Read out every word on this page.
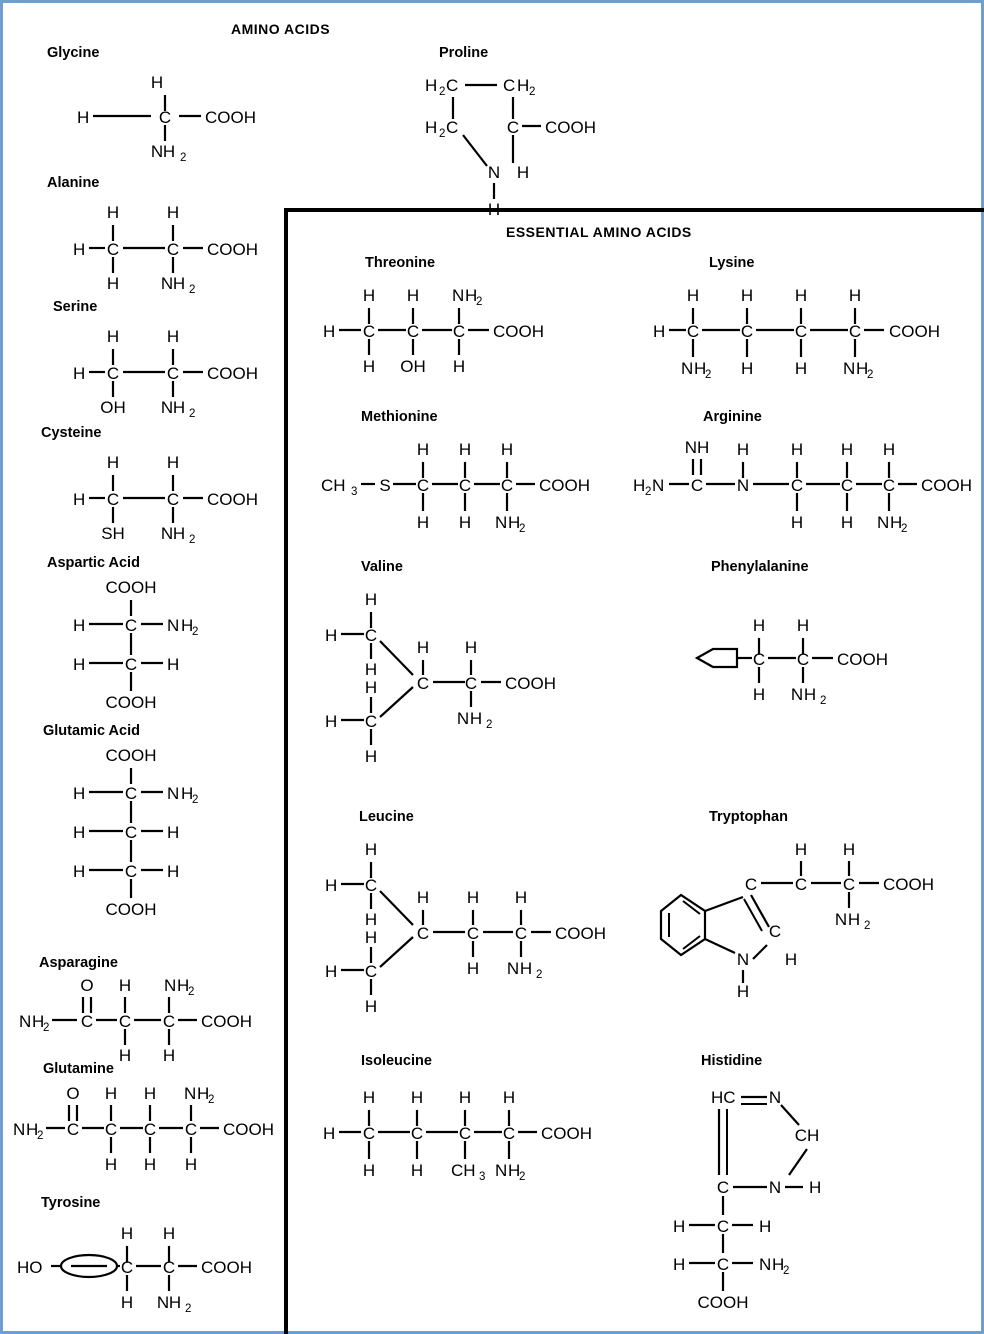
AMINO ACIDS
ESSENTIAL AMINO ACIDS
Glycine
H
H	C COOH
N H 2
Alanine
H	H
H C	C COOH
H N H 2
Serine
H	H
H C	C COOH
OH N H 2
Cysteine
H	H
H C	C COOH
SH N H 2
Aspartic Acid
COOH
H C N H
2
H C H
COOH
Glutamic Acid
COOH
H C N H
2
H C H
H C H
COOH
Asparagine
O H N H
2
N H
2 C C C COOH
H H
Glutamine
O H H N H
2
N H
2 C C C C COOH
H H H
Tyrosine
H H
HO	C C COOH
H N H 2
Proline
H 2 C	C H 2
H 2 C	C COOH
N H
H
Threonine
H H N H
2
H C C C COOH
H OH H
Lysine
H H H H
H C C C C COOH
N H
2 H H N H
2
Methionine
H H H
CH 3 S C C C COOH
H H N H
2
Arginine
NH H H H H
H 2 N C N C C C COOH
H H N H
2
Valine
H
H C
H
C
H
H
H
C C COOH
H H
N H 2
Phenylalanine
H H
C C COOH
H N H 2
Leucine
H
H C
H
C
H
H
H
C C C COOH
H H H
H N H 2
Tryptophan
N
H
C
C
H
C C COOH
H H
N H 2
Isoleucine
H H H H
H C C C C COOH
H H CH 3 N H
2
Histidine
HC N
CH
C N H
H C H
H C N H
2
COOH
